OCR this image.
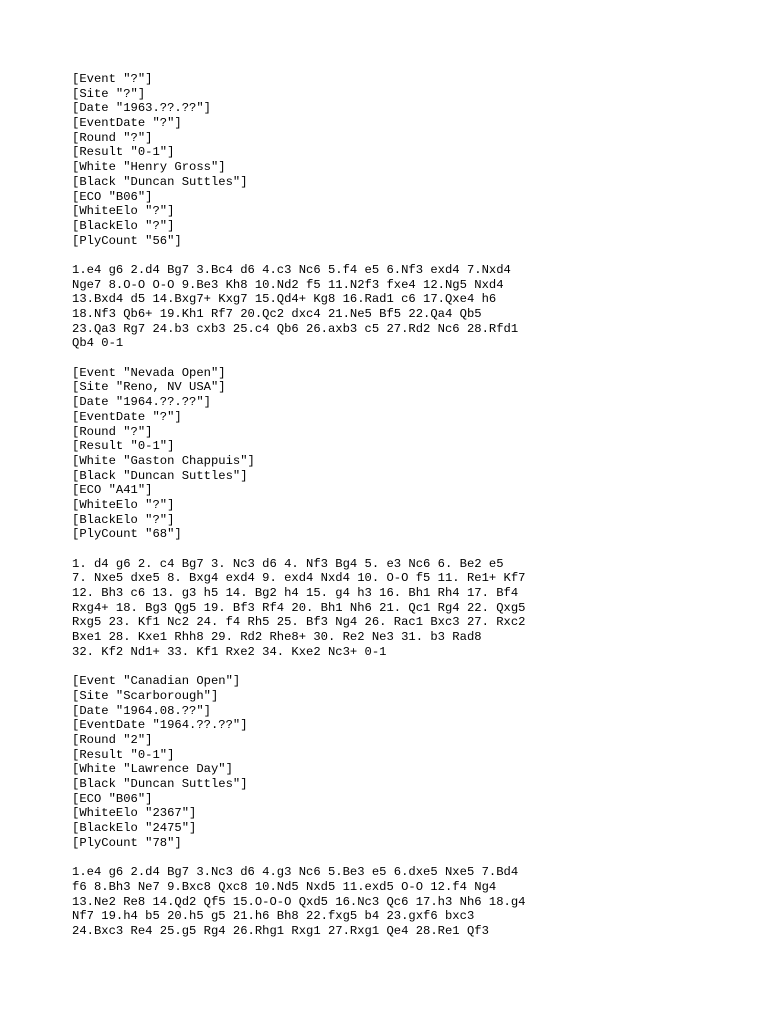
[Event "?"]
[Site "?"]
[Date "1963.??.??"]
[EventDate "?"]
[Round "?"]
[Result "0-1"]
[White "Henry Gross"]
[Black "Duncan Suttles"]
[ECO "B06"]
[WhiteElo "?"]
[BlackElo "?"]
[PlyCount "56"]
1.e4 g6 2.d4 Bg7 3.Bc4 d6 4.c3 Nc6 5.f4 e5 6.Nf3 exd4 7.Nxd4
Nge7 8.O-O O-O 9.Be3 Kh8 10.Nd2 f5 11.N2f3 fxe4 12.Ng5 Nxd4
13.Bxd4 d5 14.Bxg7+ Kxg7 15.Qd4+ Kg8 16.Rad1 c6 17.Qxe4 h6
18.Nf3 Qb6+ 19.Kh1 Rf7 20.Qc2 dxc4 21.Ne5 Bf5 22.Qa4 Qb5
23.Qa3 Rg7 24.b3 cxb3 25.c4 Qb6 26.axb3 c5 27.Rd2 Nc6 28.Rfd1
Qb4 0-1
[Event "Nevada Open"]
[Site "Reno, NV USA"]
[Date "1964.??.??"]
[EventDate "?"]
[Round "?"]
[Result "0-1"]
[White "Gaston Chappuis"]
[Black "Duncan Suttles"]
[ECO "A41"]
[WhiteElo "?"]
[BlackElo "?"]
[PlyCount "68"]
1. d4 g6 2. c4 Bg7 3. Nc3 d6 4. Nf3 Bg4 5. e3 Nc6 6. Be2 e5
7. Nxe5 dxe5 8. Bxg4 exd4 9. exd4 Nxd4 10. O-O f5 11. Re1+ Kf7
12. Bh3 c6 13. g3 h5 14. Bg2 h4 15. g4 h3 16. Bh1 Rh4 17. Bf4
Rxg4+ 18. Bg3 Qg5 19. Bf3 Rf4 20. Bh1 Nh6 21. Qc1 Rg4 22. Qxg5
Rxg5 23. Kf1 Nc2 24. f4 Rh5 25. Bf3 Ng4 26. Rac1 Bxc3 27. Rxc2
Bxe1 28. Kxe1 Rhh8 29. Rd2 Rhe8+ 30. Re2 Ne3 31. b3 Rad8
32. Kf2 Nd1+ 33. Kf1 Rxe2 34. Kxe2 Nc3+ 0-1
[Event "Canadian Open"]
[Site "Scarborough"]
[Date "1964.08.??"]
[EventDate "1964.??.??"]
[Round "2"]
[Result "0-1"]
[White "Lawrence Day"]
[Black "Duncan Suttles"]
[ECO "B06"]
[WhiteElo "2367"]
[BlackElo "2475"]
[PlyCount "78"]
1.e4 g6 2.d4 Bg7 3.Nc3 d6 4.g3 Nc6 5.Be3 e5 6.dxe5 Nxe5 7.Bd4
f6 8.Bh3 Ne7 9.Bxc8 Qxc8 10.Nd5 Nxd5 11.exd5 O-O 12.f4 Ng4
13.Ne2 Re8 14.Qd2 Qf5 15.O-O-O Qxd5 16.Nc3 Qc6 17.h3 Nh6 18.g4
Nf7 19.h4 b5 20.h5 g5 21.h6 Bh8 22.fxg5 b4 23.gxf6 bxc3
24.Bxc3 Re4 25.g5 Rg4 26.Rhg1 Rxg1 27.Rxg1 Qe4 28.Re1 Qf3
